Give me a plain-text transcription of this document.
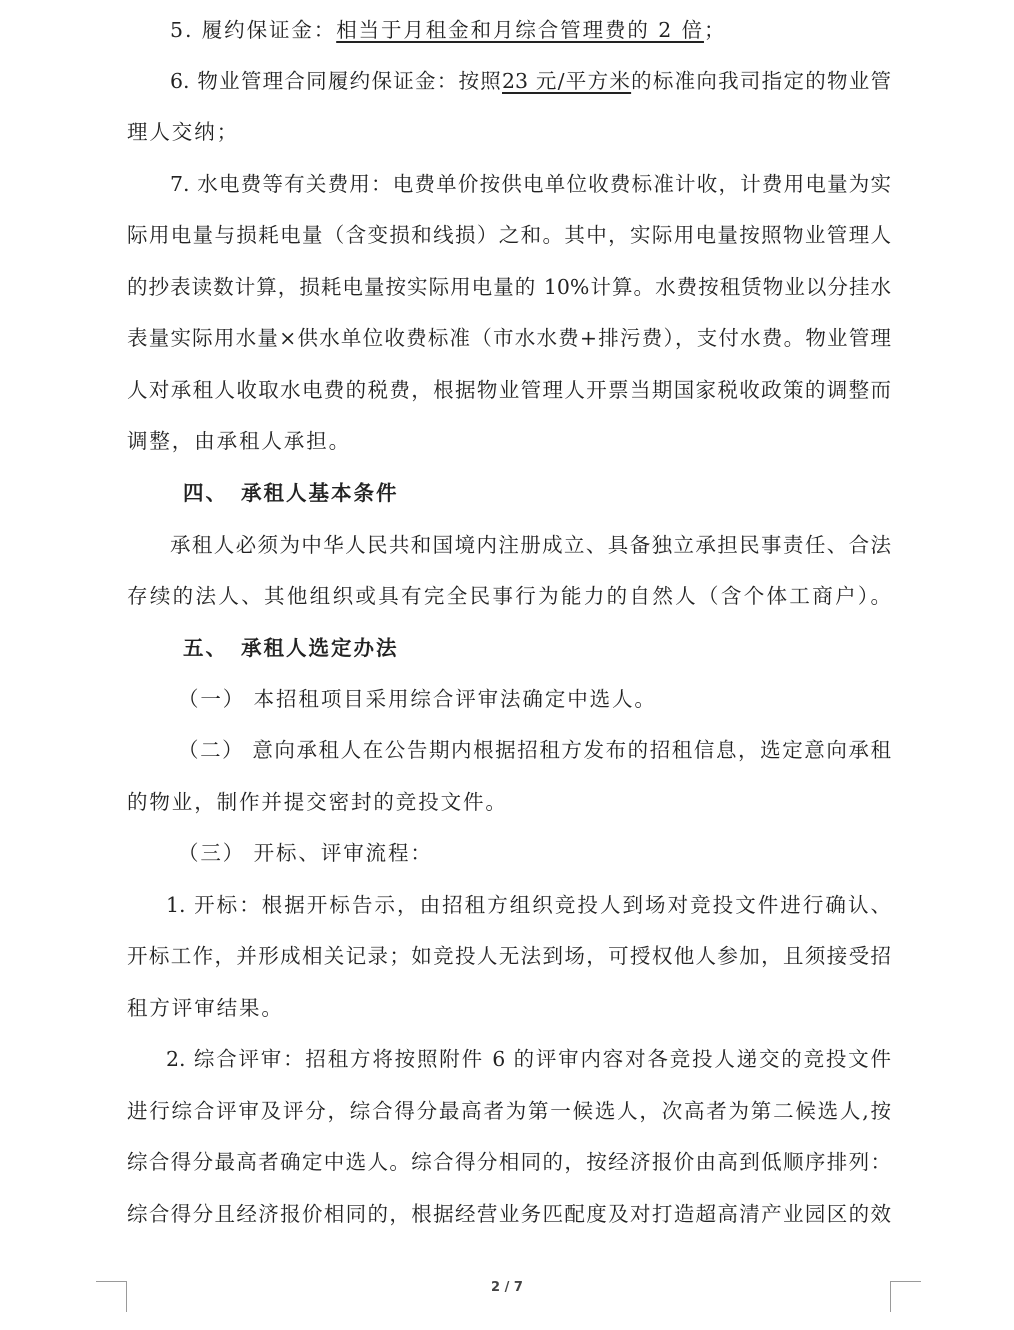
5. 履约保证金：相当于月租金和月综合管理费的 2 倍；
6. 物业管理合同履约保证金：按照23 元/平方米的标准向我司指定的物业管
理人交纳；
7. 水电费等有关费用：电费单价按供电单位收费标准计收，计费用电量为实
际用电量与损耗电量（含变损和线损）之和。其中，实际用电量按照物业管理人
的抄表读数计算，损耗电量按实际用电量的 10%计算。水费按租赁物业以分挂水
表量实际用水量×供水单位收费标准（市水水费+排污费），支付水费。物业管理
人对承租人收取水电费的税费，根据物业管理人开票当期国家税收政策的调整而
调整，由承租人承担。
四、 承租人基本条件
承租人必须为中华人民共和国境内注册成立、具备独立承担民事责任、合法
存续的法人、其他组织或具有完全民事行为能力的自然人（含个体工商户）。
五、 承租人选定办法
（一） 本招租项目采用综合评审法确定中选人。
（二） 意向承租人在公告期内根据招租方发布的招租信息，选定意向承租
的物业，制作并提交密封的竞投文件。
（三） 开标、评审流程：
1. 开标：根据开标告示，由招租方组织竞投人到场对竞投文件进行确认、
开标工作，并形成相关记录；如竞投人无法到场，可授权他人参加，且须接受招
租方评审结果。
2. 综合评审：招租方将按照附件 6 的评审内容对各竞投人递交的竞投文件
进行综合评审及评分，综合得分最高者为第一候选人，次高者为第二候选人,按
综合得分最高者确定中选人。综合得分相同的，按经济报价由高到低顺序排列：
综合得分且经济报价相同的，根据经营业务匹配度及对打造超高清产业园区的效
2 / 7
